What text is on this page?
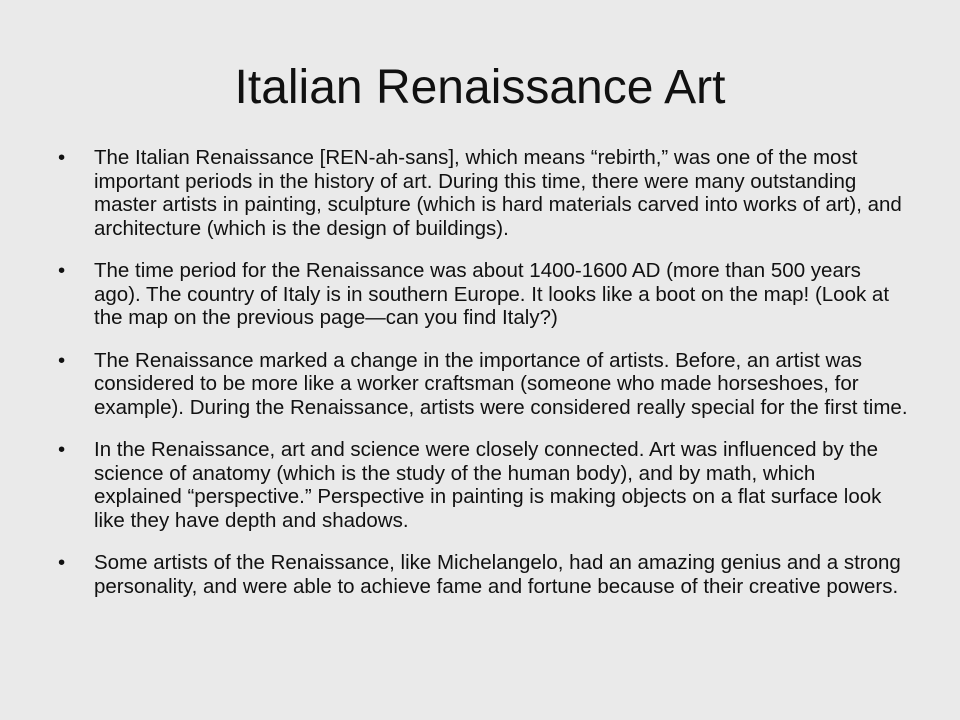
Italian Renaissance Art
• The Italian Renaissance [REN-ah-sans], which means “rebirth,” was one of the most important periods in the history of art. During this time, there were many outstanding master artists in painting, sculpture (which is hard materials carved into works of art), and architecture (which is the design of buildings).
• The time period for the Renaissance was about 1400-1600 AD (more than 500 years ago). The country of Italy is in southern Europe. It looks like a boot on the map! (Look at the map on the previous page—can you find Italy?)
• The Renaissance marked a change in the importance of artists. Before, an artist was considered to be more like a worker craftsman (someone who made horseshoes, for example). During the Renaissance, artists were considered really special for the first time.
• In the Renaissance, art and science were closely connected. Art was influenced by the science of anatomy (which is the study of the human body), and by math, which explained “perspective.” Perspective in painting is making objects on a flat surface look like they have depth and shadows.
• Some artists of the Renaissance, like Michelangelo, had an amazing genius and a strong personality, and were able to achieve fame and fortune because of their creative powers.
